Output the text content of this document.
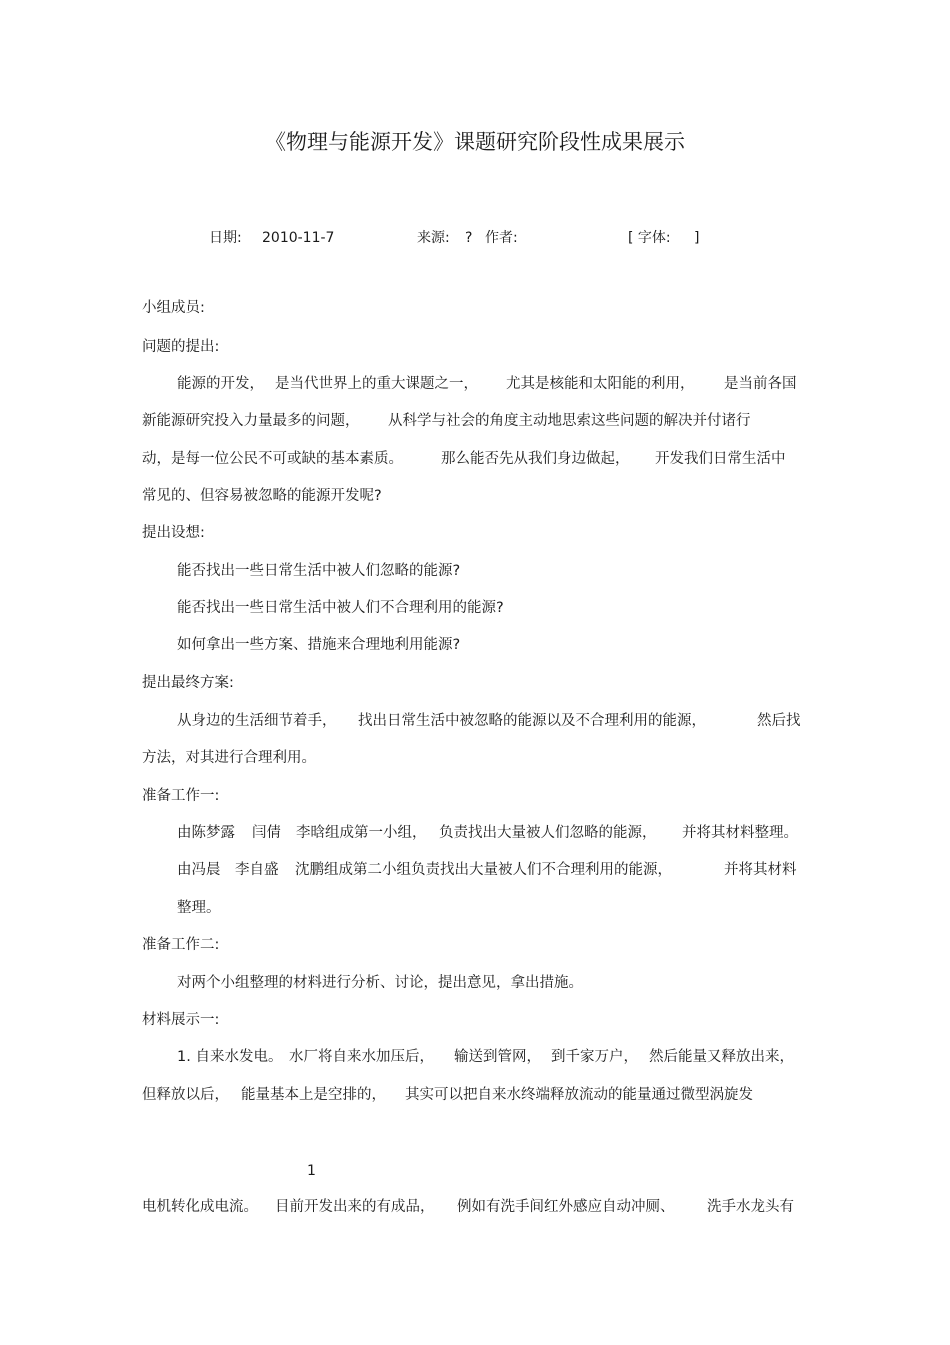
《物理与能源开发》课题研究阶段性成果展示
日期: 2010-11-7	来源: ? 作者:	[ 字体: ]
小组成员:
问题的提出:
能源的开发， 是当代世界上的重大课题之一， 尤其是核能和太阳能的利用， 是当前各国
新能源研究投入力量最多的问题， 从科学与社会的角度主动地思索这些问题的解决并付诸行
动，是每一位公民不可或缺的基本素质。	那么能否先从我们身边做起， 开发我们日常生活中
常见的、但容易被忽略的能源开发呢?
提出设想:
能否找出一些日常生活中被人们忽略的能源?
能否找出一些日常生活中被人们不合理利用的能源?
如何拿出一些方案、措施来合理地利用能源?
提出最终方案:
从身边的生活细节着手， 找出日常生活中被忽略的能源以及不合理利用的能源，	然后找
方法，对其进行合理利用。
准备工作一:
由陈梦露 闫倩 李晗组成第一小组， 负责找出大量被人们忽略的能源， 并将其材料整理。
由冯晨 李自盛 沈鹏组成第二小组负责找出大量被人们不合理利用的能源，	并将其材料
整理。
准备工作二:
对两个小组整理的材料进行分析、讨论，提出意见，拿出措施。
材料展示一:
1. 自来水发电。 水厂将自来水加压后， 输送到管网， 到千家万户， 然后能量又释放出来，
但释放以后， 能量基本上是空排的， 其实可以把自来水终端释放流动的能量通过微型涡旋发
1
电机转化成电流。 目前开发出来的有成品， 例如有洗手间红外感应自动冲厕、 洗手水龙头有
